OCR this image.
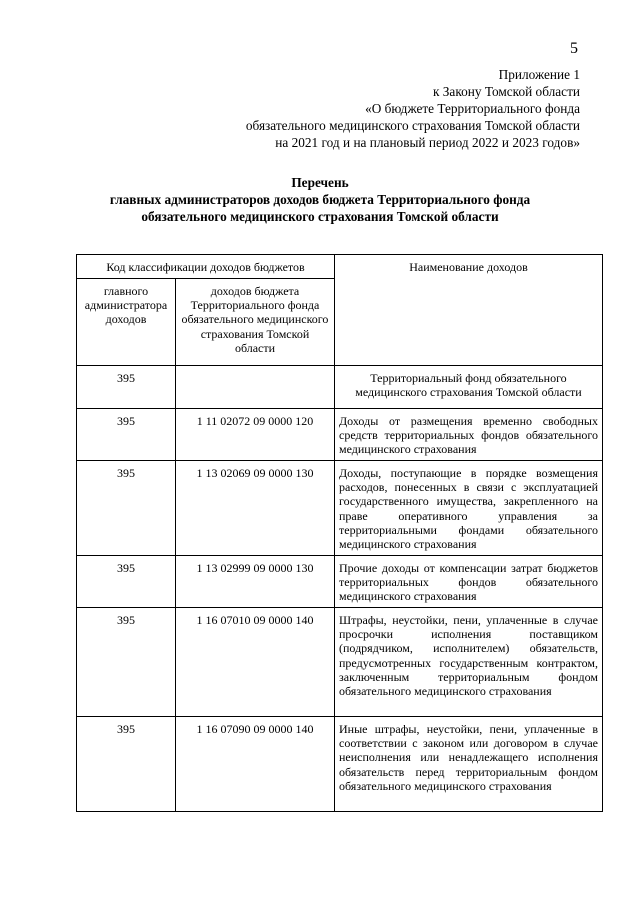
5
Приложение 1
к Закону Томской области
«О бюджете Территориального фонда
обязательного медицинского страхования Томской области
на 2021 год и на плановый период 2022 и 2023 годов»
Перечень
главных администраторов доходов бюджета Территориального фонда
обязательного медицинского страхования Томской области
Код классификации доходов бюджетов		Наименование доходов
главного администратора доходов	доходов бюджета Территориального фонда обязательного медицинского страхования Томской области	
395		Территориальный фонд обязательного медицинского страхования Томской области
395	1 11 02072 09 0000 120	Доходы от размещения временно свободных средств территориальных фондов обязательного медицинского страхования
395	1 13 02069 09 0000 130	Доходы, поступающие в порядке возмещения расходов, понесенных в связи с эксплуатацией государственного имущества, закрепленного на праве оперативного управления за территориальными фондами обязательного медицинского страхования
395	1 13 02999 09 0000 130	Прочие доходы от компенсации затрат бюджетов территориальных фондов обязательного медицинского страхования
395	1 16 07010 09 0000 140	Штрафы, неустойки, пени, уплаченные в случае просрочки исполнения поставщиком (подрядчиком, исполнителем) обязательств, предусмотренных государственным контрактом, заключенным территориальным фондом обязательного медицинского страхования
395	1 16 07090 09 0000 140	Иные штрафы, неустойки, пени, уплаченные в соответствии с законом или договором в случае неисполнения или ненадлежащего исполнения обязательств перед территориальным фондом обязательного медицинского страхования
